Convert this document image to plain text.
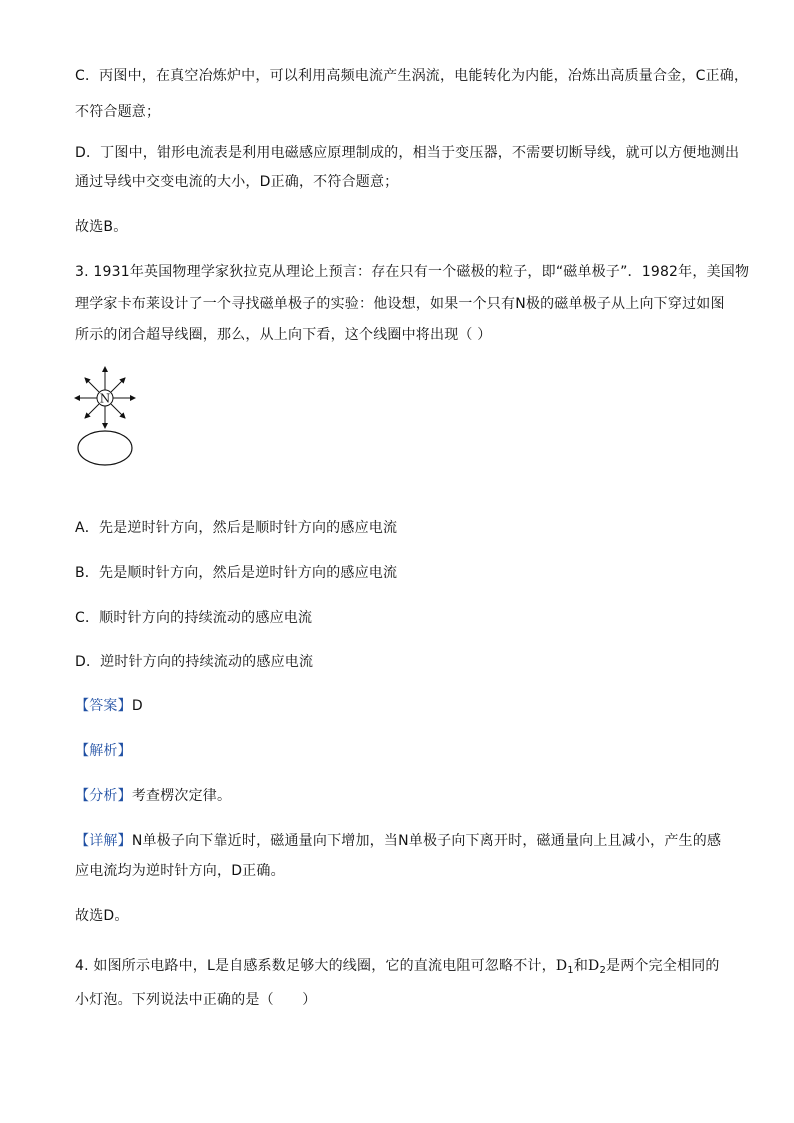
C．丙图中，在真空冶炼炉中，可以利用高频电流产生涡流，电能转化为内能，冶炼出高质量合金，C正确，
不符合题意；
D．丁图中，钳形电流表是利用电磁感应原理制成的，相当于变压器，不需要切断导线，就可以方便地测出
通过导线中交变电流的大小，D正确，不符合题意；
故选B。
3. 1931年英国物理学家狄拉克从理论上预言：存在只有一个磁极的粒子，即“磁单极子”．1982年，美国物
理学家卡布莱设计了一个寻找磁单极子的实验：他设想，如果一个只有N极的磁单极子从上向下穿过如图
所示的闭合超导线圈，那么，从上向下看，这个线圈中将出现（ ）
N
A．先是逆时针方向，然后是顺时针方向的感应电流
B．先是顺时针方向，然后是逆时针方向的感应电流
C．顺时针方向的持续流动的感应电流
D．逆时针方向的持续流动的感应电流
【答案】D
【解析】
【分析】考查楞次定律。
【详解】N单极子向下靠近时，磁通量向下增加，当N单极子向下离开时，磁通量向上且减小，产生的感
应电流均为逆时针方向，D正确。
故选D。
4. 如图所示电路中，L是自感系数足够大的线圈，它的直流电阻可忽略不计，$D_1$和$D_2$是两个完全相同的
小灯泡。下列说法中正确的是（　　）
